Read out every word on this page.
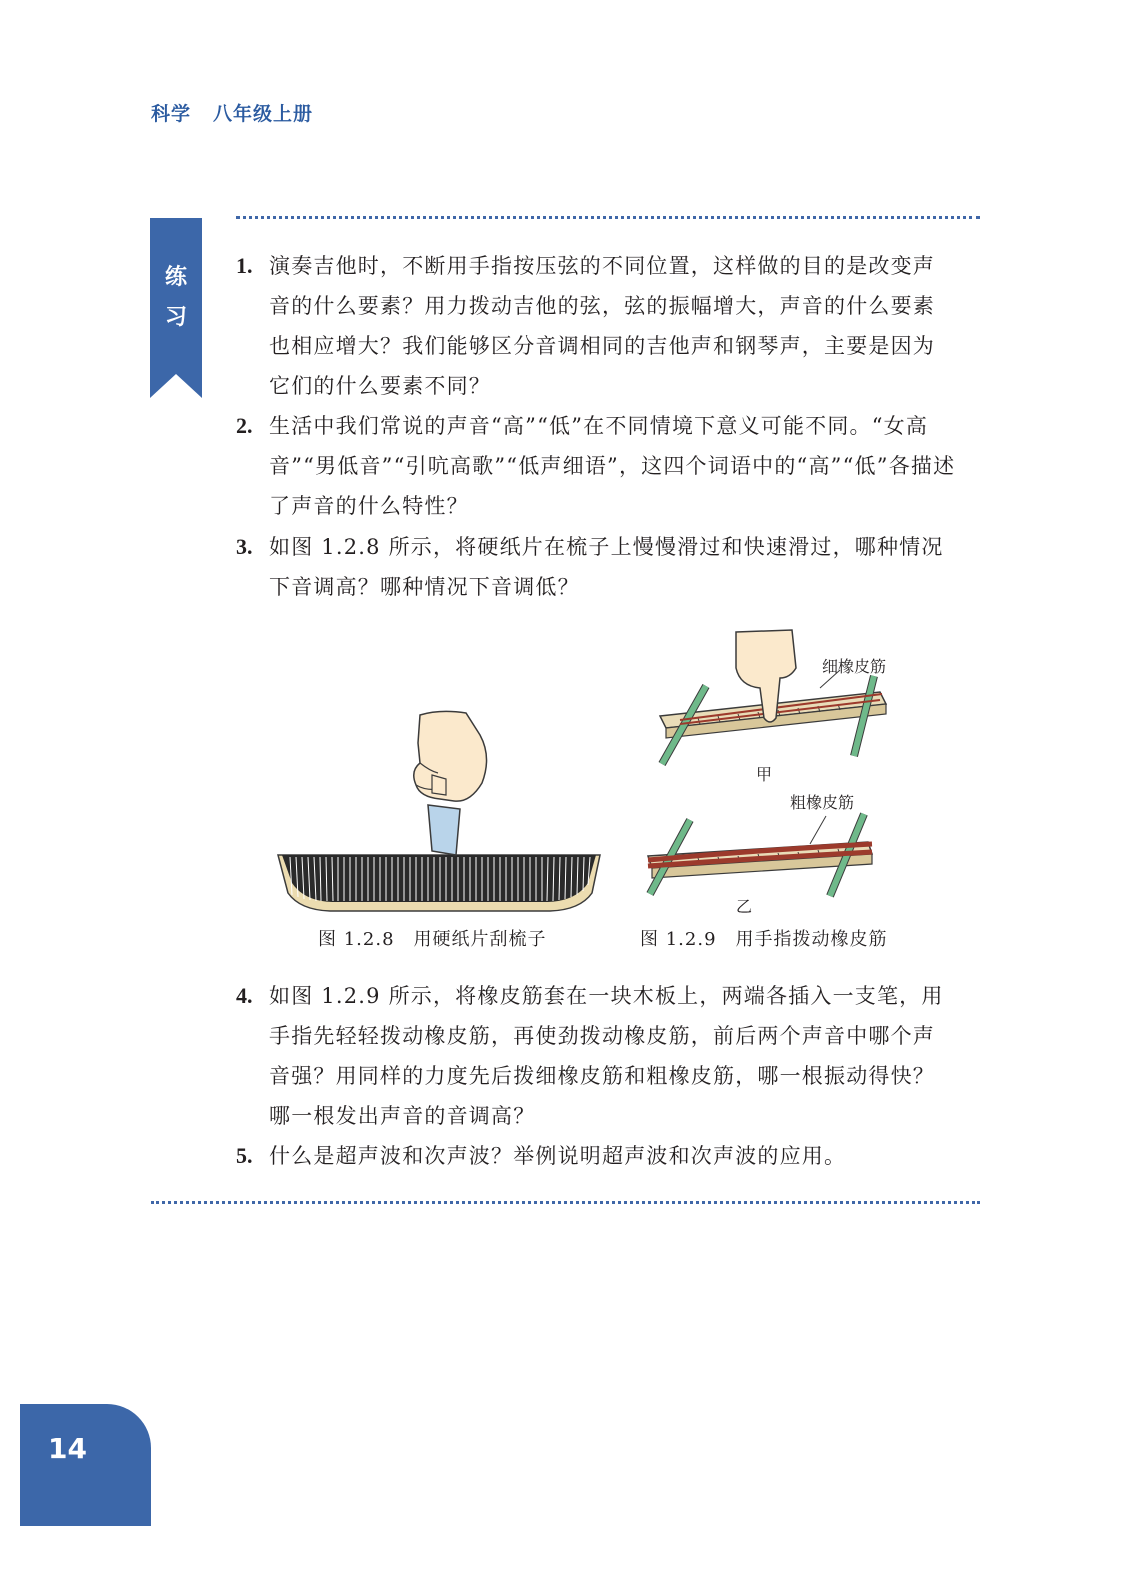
科学 八年级上册
练
习
1. 演奏吉他时，不断用手指按压弦的不同位置，这样做的目的是改变声音的什么要素？用力拨动吉他的弦，弦的振幅增大，声音的什么要素也相应增大？我们能够区分音调相同的吉他声和钢琴声，主要是因为它们的什么要素不同？
2. 生活中我们常说的声音“高”“低”在不同情境下意义可能不同。“女高音”“男低音”“引吭高歌”“低声细语”，这四个词语中的“高”“低”各描述了声音的什么特性？
3. 如图 1.2.8 所示，将硬纸片在梳子上慢慢滑过和快速滑过，哪种情况下音调高？哪种情况下音调低？
细橡皮筋
甲
粗橡皮筋
乙
图 1.2.8　用硬纸片刮梳子	图 1.2.9　用手指拨动橡皮筋
4. 如图 1.2.9 所示，将橡皮筋套在一块木板上，两端各插入一支笔，用手指先轻轻拨动橡皮筋，再使劲拨动橡皮筋，前后两个声音中哪个声音强？用同样的力度先后拨细橡皮筋和粗橡皮筋，哪一根振动得快？哪一根发出声音的音调高？
5. 什么是超声波和次声波？举例说明超声波和次声波的应用。
14
